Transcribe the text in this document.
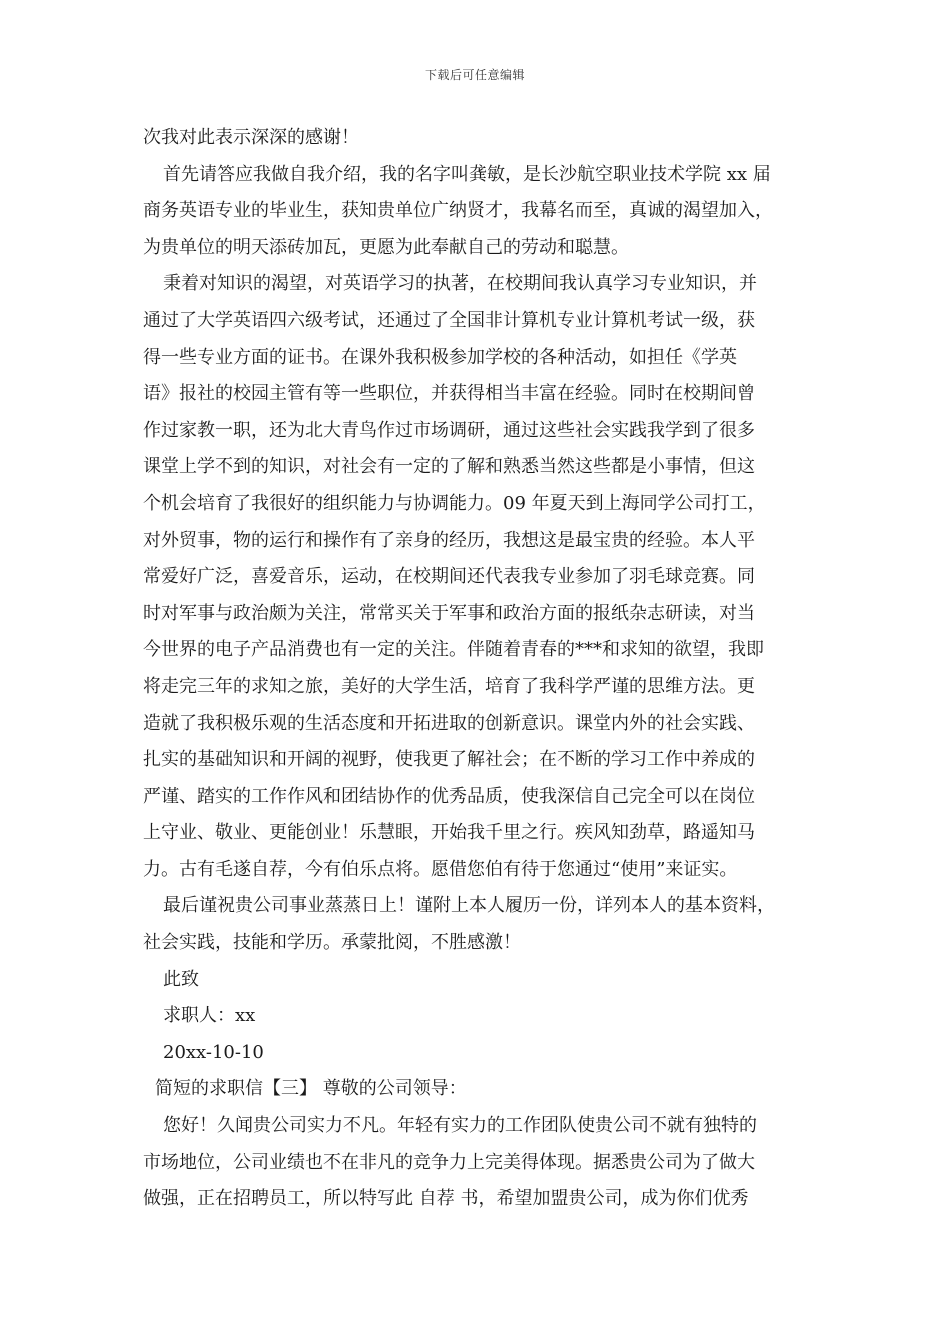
下载后可任意编辑
次我对此表示深深的感谢！
首先请答应我做自我介绍，我的名字叫龚敏，是长沙航空职业技术学院 xx 届
商务英语专业的毕业生，获知贵单位广纳贤才，我幕名而至，真诚的渴望加入，
为贵单位的明天添砖加瓦，更愿为此奉献自己的劳动和聪慧。
秉着对知识的渴望，对英语学习的执著，在校期间我认真学习专业知识，并
通过了大学英语四六级考试，还通过了全国非计算机专业计算机考试一级，获
得一些专业方面的证书。在课外我积极参加学校的各种活动，如担任《学英
语》报社的校园主管有等一些职位，并获得相当丰富在经验。同时在校期间曾
作过家教一职，还为北大青鸟作过市场调研，通过这些社会实践我学到了很多
课堂上学不到的知识，对社会有一定的了解和熟悉当然这些都是小事情，但这
个机会培育了我很好的组织能力与协调能力。09 年夏天到上海同学公司打工，
对外贸事，物的运行和操作有了亲身的经历，我想这是最宝贵的经验。本人平
常爱好广泛，喜爱音乐，运动，在校期间还代表我专业参加了羽毛球竞赛。同
时对军事与政治颇为关注，常常买关于军事和政治方面的报纸杂志研读，对当
今世界的电子产品消费也有一定的关注。伴随着青春的***和求知的欲望，我即
将走完三年的求知之旅，美好的大学生活，培育了我科学严谨的思维方法。更
造就了我积极乐观的生活态度和开拓进取的创新意识。课堂内外的社会实践、
扎实的基础知识和开阔的视野，使我更了解社会；在不断的学习工作中养成的
严谨、踏实的工作作风和团结协作的优秀品质，使我深信自己完全可以在岗位
上守业、敬业、更能创业！乐慧眼，开始我千里之行。疾风知劲草，路遥知马
力。古有毛遂自荐，今有伯乐点将。愿借您伯有待于您通过“使用”来证实。
最后谨祝贵公司事业蒸蒸日上！谨附上本人履历一份，详列本人的基本资料，
社会实践，技能和学历。承蒙批阅，不胜感激！
此致
求职人：xx
20xx-10-10
简短的求职信【三】 尊敬的公司领导：
您好！久闻贵公司实力不凡。年轻有实力的工作团队使贵公司不就有独特的
市场地位，公司业绩也不在非凡的竞争力上完美得体现。据悉贵公司为了做大
做强，正在招聘员工，所以特写此 自荐 书，希望加盟贵公司，成为你们优秀
